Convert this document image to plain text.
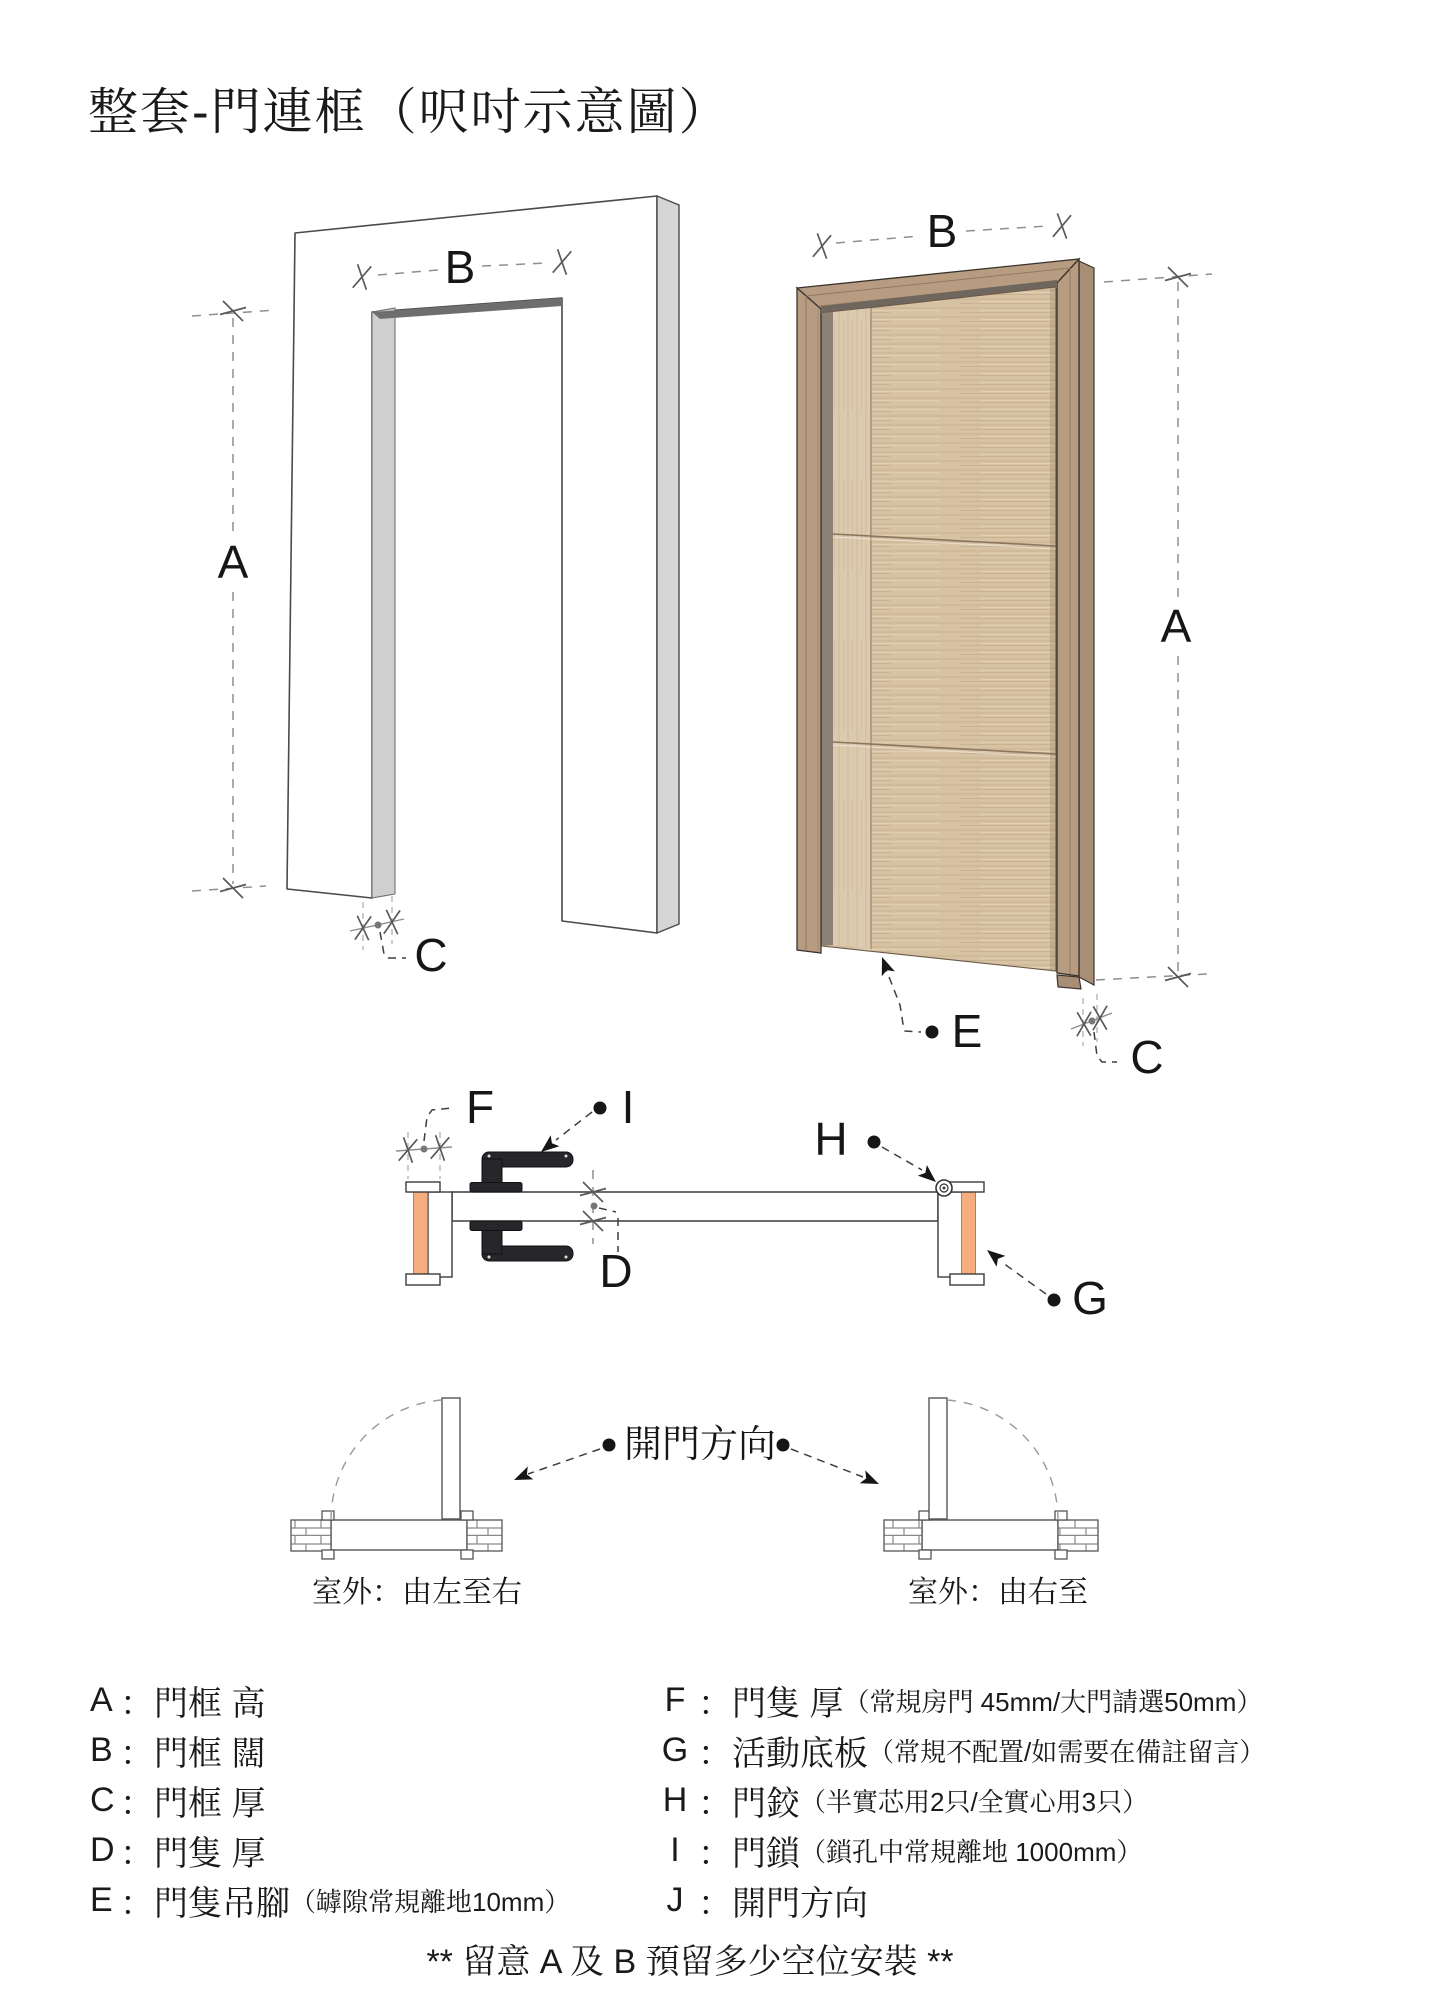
整套-門連框（呎吋示意圖）
B
A
C
B
A
E	C
F	I
H
D
G
開門方向
室外：由左至右	室外：由右至
A ： 門框 高
B ： 門框 闊
C ： 門框 厚
D ： 門隻 厚
E ： 門隻吊腳 （罅隙常規離地10mm）
F ： 門隻 厚 （常規房門 45mm/大門請選50mm）
G ： 活動底板 （常規不配置/如需要在備註留言）
H ： 門鉸 （半實芯用2只/全實心用3只）
I ： 門鎖 （鎖孔中常規離地 1000mm）
J ： 開門方向
** 留意 A 及 B 預留多少空位安裝 **
